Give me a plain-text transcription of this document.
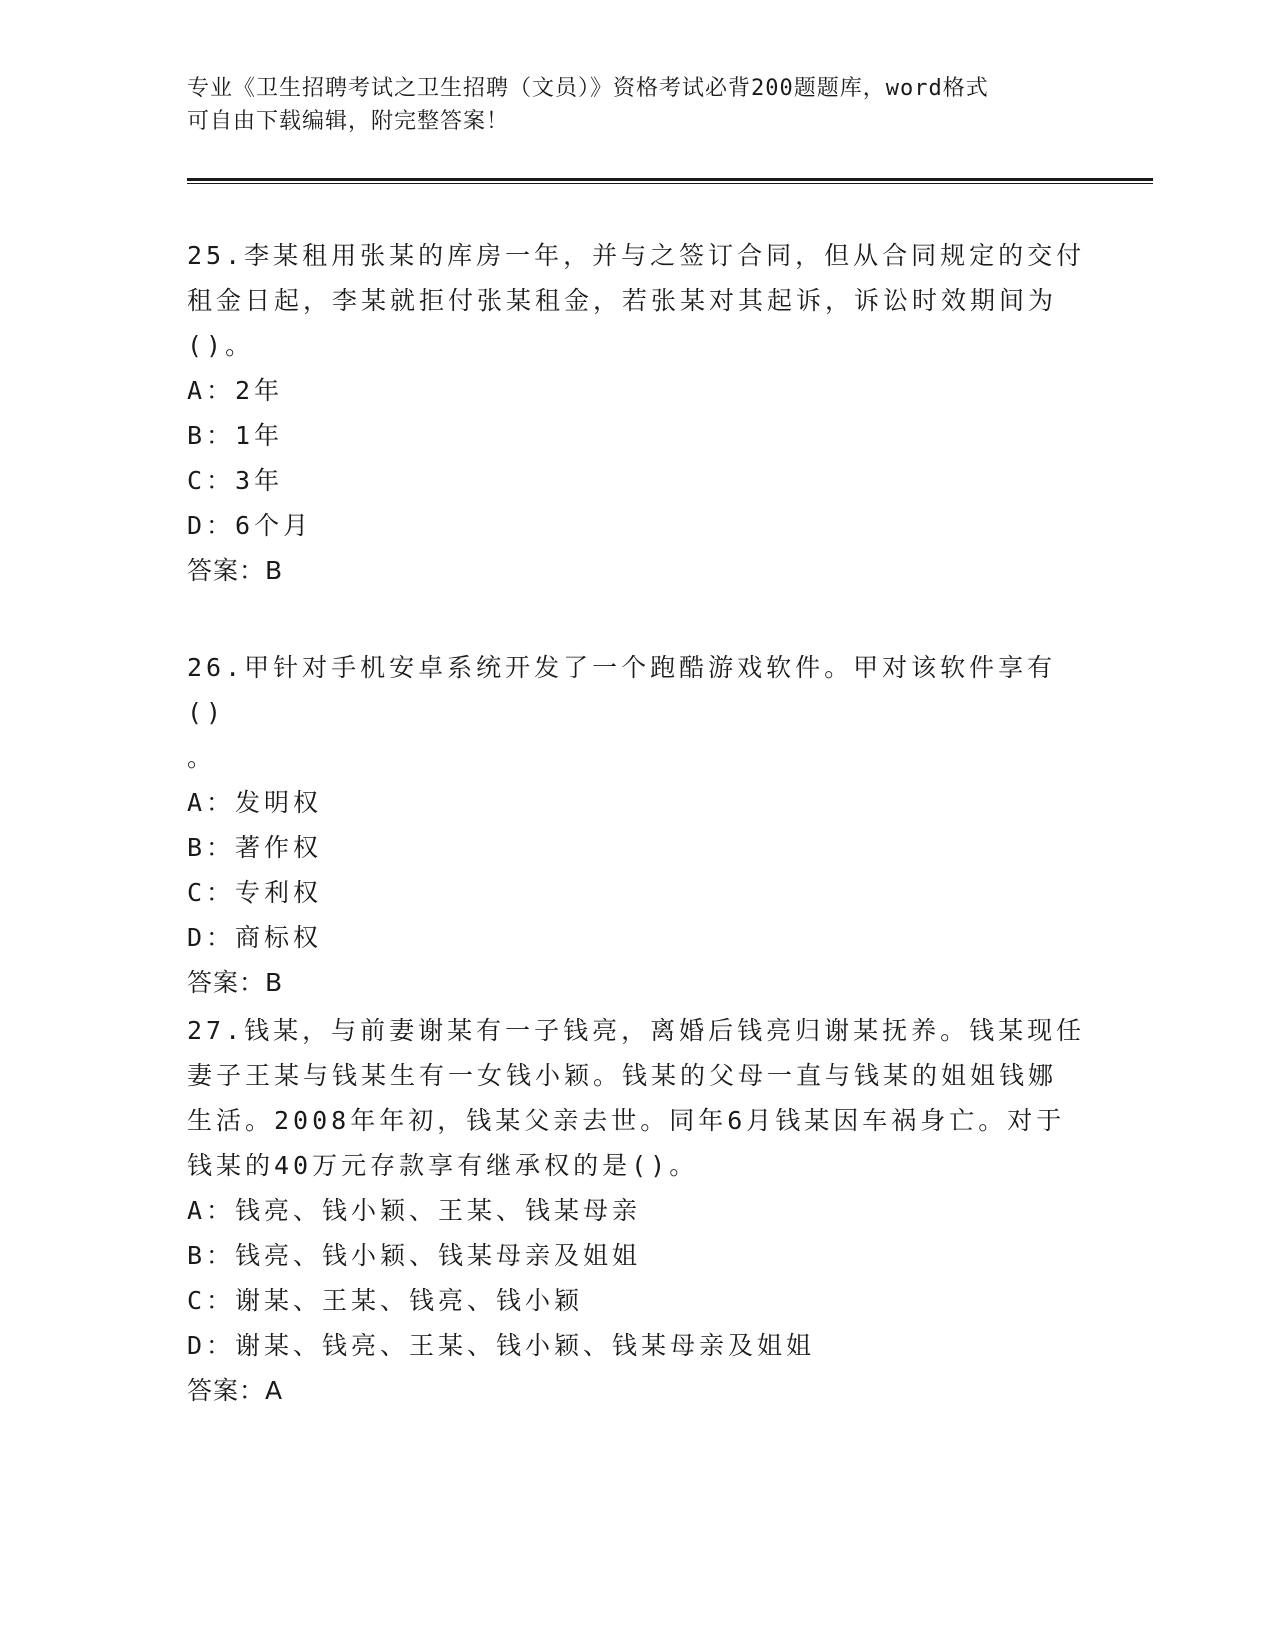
专业《卫生招聘考试之卫生招聘（文员）》资格考试必背200题题库，word格式
可自由下载编辑，附完整答案！

25.李某租用张某的库房一年，并与之签订合同，但从合同规定的交付

租金日起，李某就拒付张某租金，若张某对其起诉，诉讼时效期间为

()。

A：2年

B：1年

C：3年

D：6个月

答案：B

26.甲针对手机安卓系统开发了一个跑酷游戏软件。甲对该软件享有()

。

A：发明权

B：著作权

C：专利权

D：商标权

答案：B

27.钱某，与前妻谢某有一子钱亮，离婚后钱亮归谢某抚养。钱某现任

妻子王某与钱某生有一女钱小颖。钱某的父母一直与钱某的姐姐钱娜

生活。2008年年初，钱某父亲去世。同年6月钱某因车祸身亡。对于

钱某的40万元存款享有继承权的是()。

A：钱亮、钱小颖、王某、钱某母亲

B：钱亮、钱小颖、钱某母亲及姐姐

C：谢某、王某、钱亮、钱小颖

D：谢某、钱亮、王某、钱小颖、钱某母亲及姐姐

答案：A
